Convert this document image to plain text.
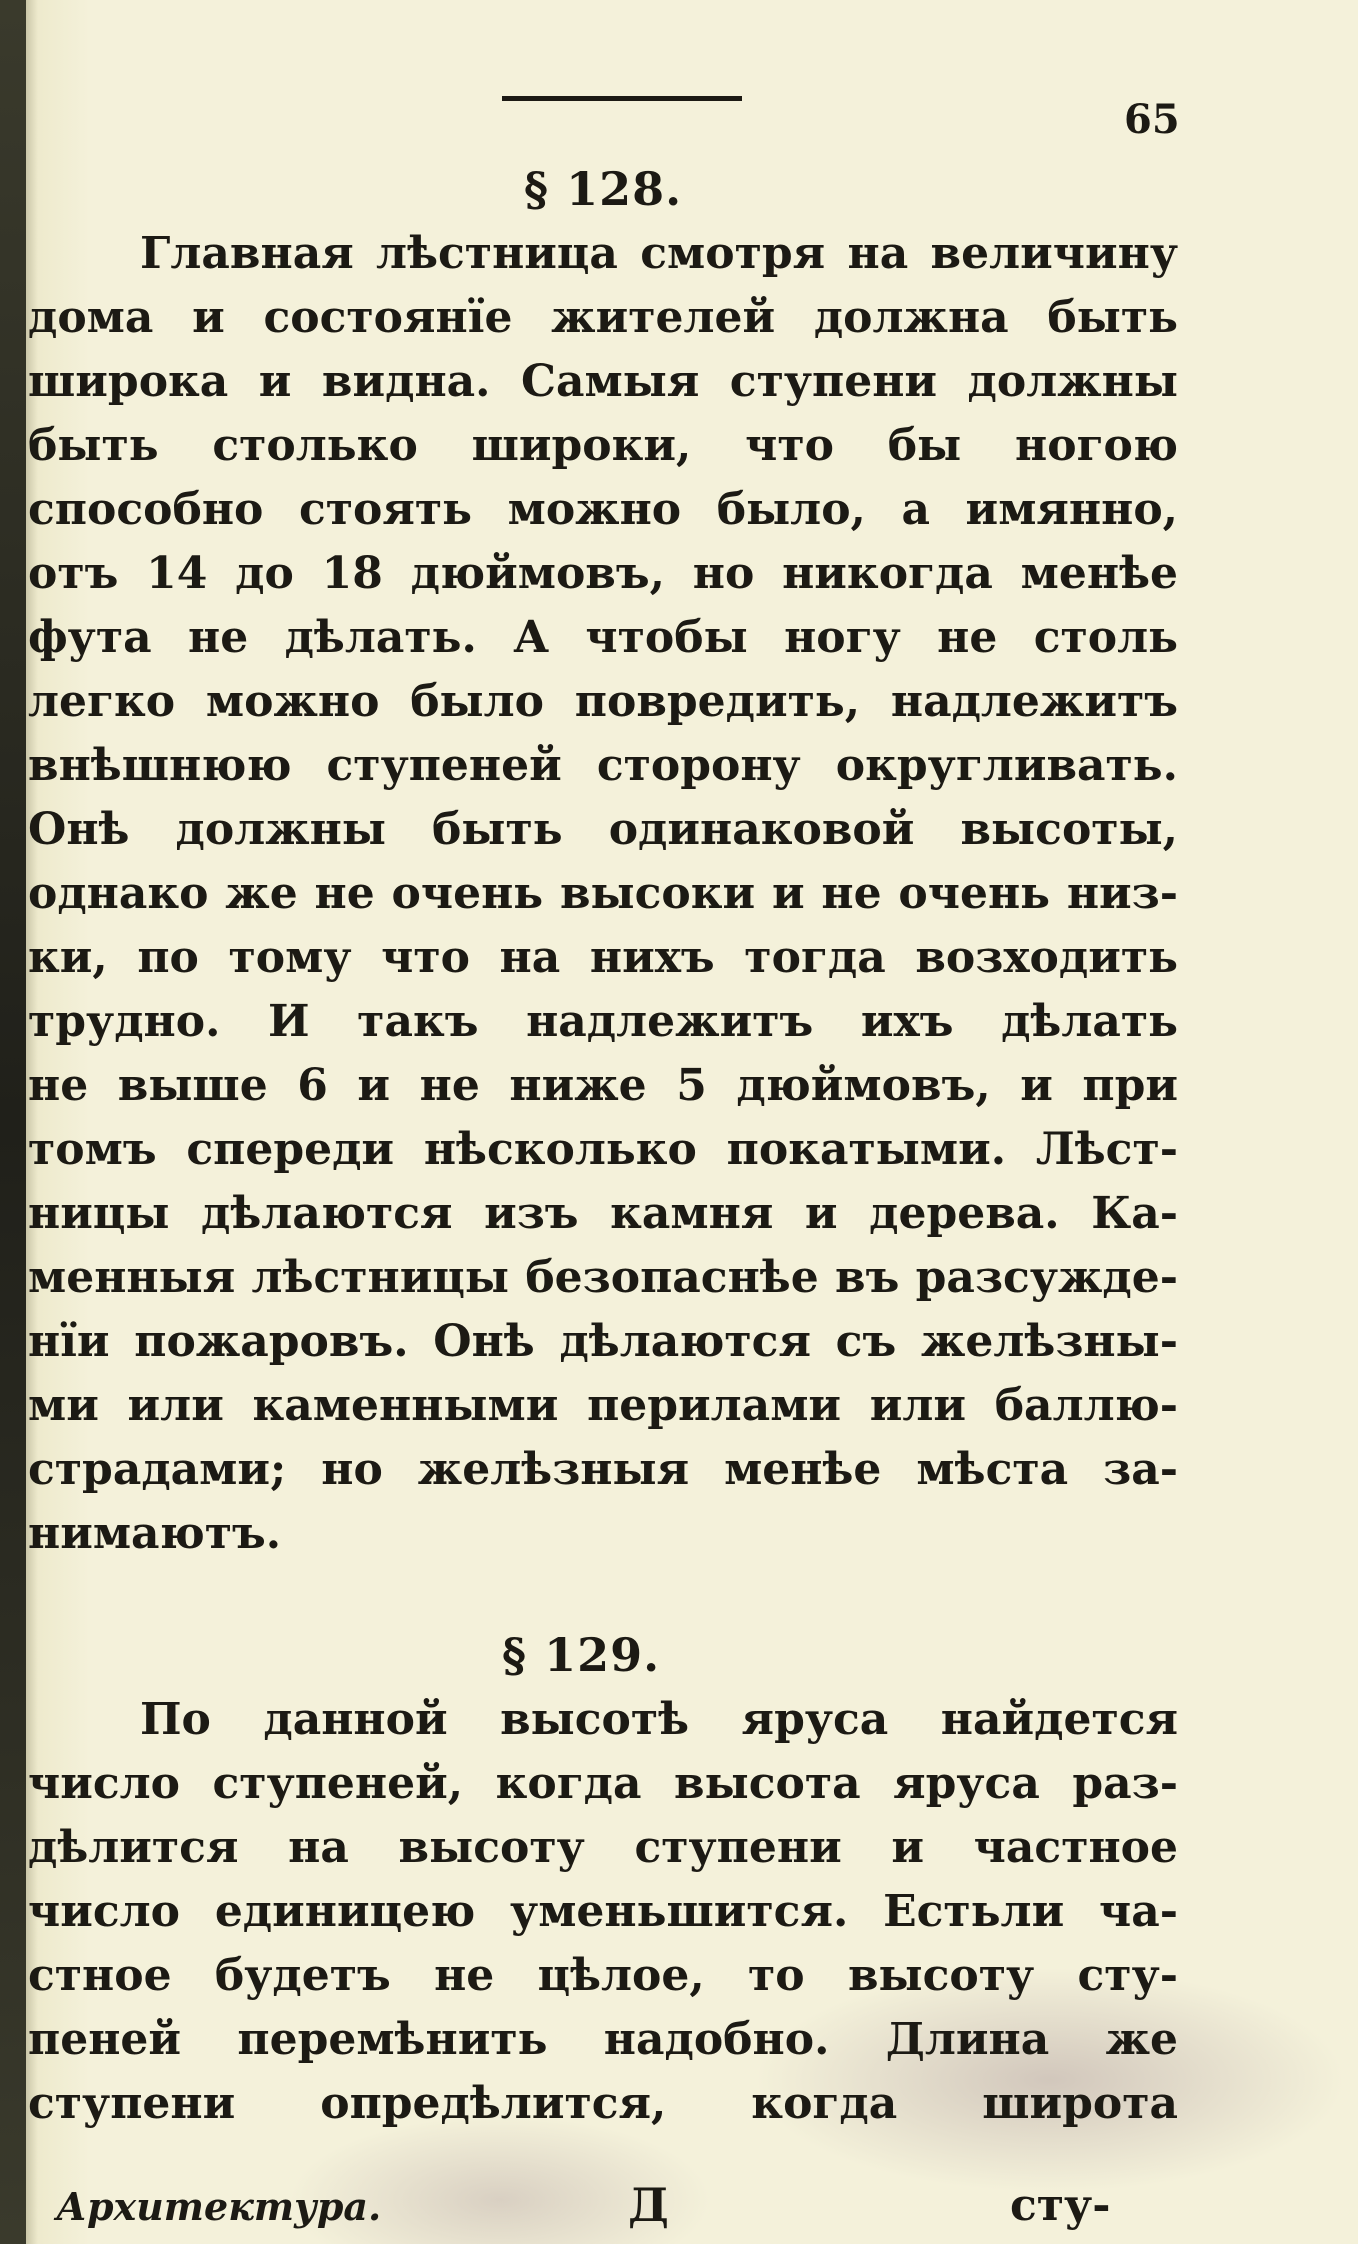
65
§ 128.
Главная лѣстница смотря на величину
дома и состоянïе жителей должна быть
широка и видна. Самыя ступени должны
быть столько широки, что бы ногою
способно стоять можно было, а имянно,
отъ 14 до 18 дюймовъ, но никогда менѣе
фута не дѣлать. А чтобы ногу не столь
легко можно было повредить, надлежитъ
внѣшнюю ступеней сторону округливать.
Онѣ должны быть одинаковой высоты,
однако же не очень высоки и не очень низ-
ки, по тому что на нихъ тогда возходить
трудно. И такъ надлежитъ ихъ дѣлать
не выше 6 и не ниже 5 дюймовъ, и при
томъ спереди нѣсколько покатыми. Лѣст-
ницы дѣлаются изъ камня и дерева. Ка-
менныя лѣстницы безопаснѣе въ разсужде-
нïи пожаровъ. Онѣ дѣлаются съ желѣзны-
ми или каменными перилами или баллю-
страдами; но желѣзныя менѣе мѣста за-
нимаютъ.
§ 129.
По данной высотѣ яруса найдется
число ступеней, когда высота яруса раз-
дѣлится на высоту ступени и частное
число единицею уменьшится. Естьли ча-
стное будетъ не цѣлое, то высоту сту-
пеней перемѣнить надобно. Длина же
ступени опредѣлится, когда широта
Архитектура.	Д	сту-
